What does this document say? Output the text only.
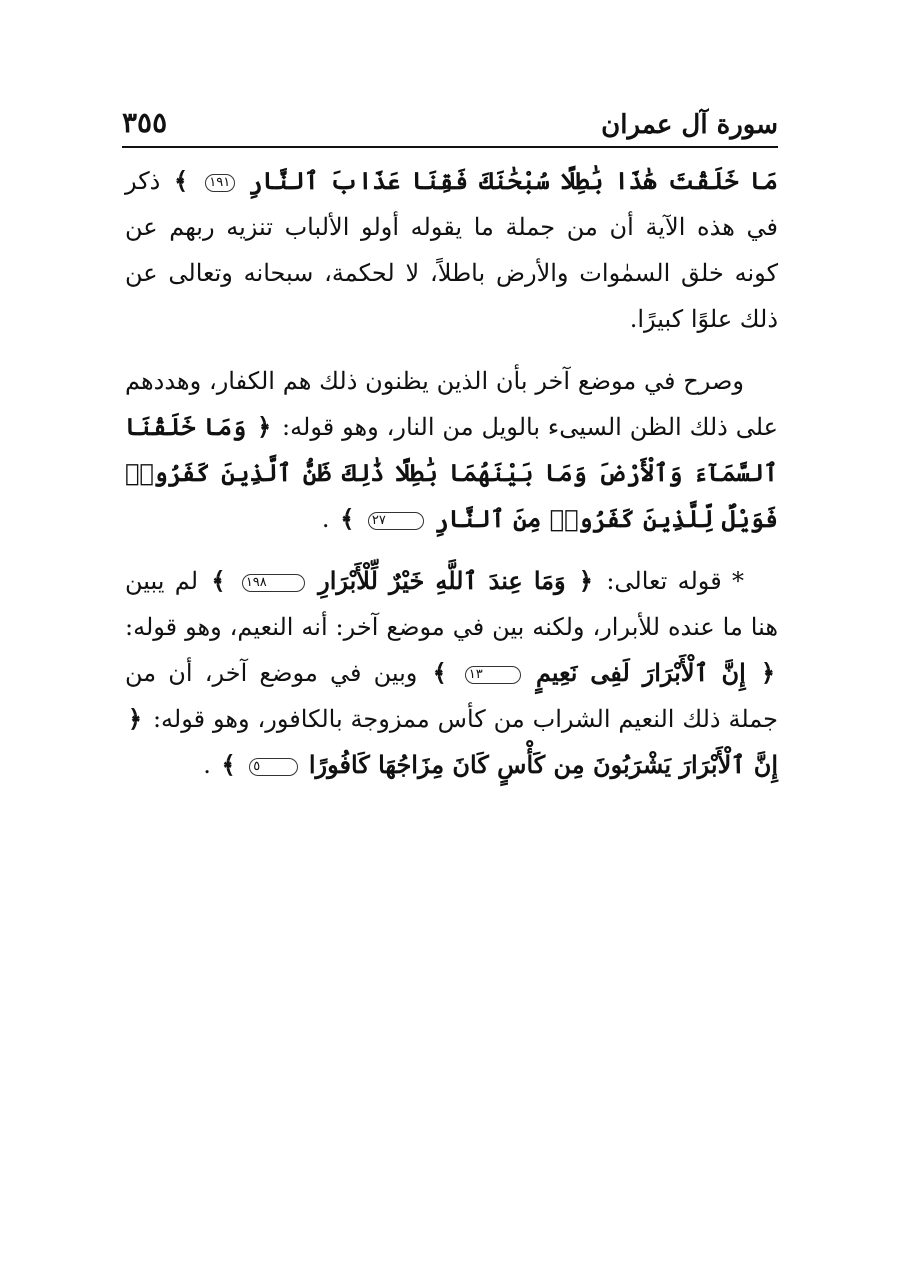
سورة آل عمران
٣٥٥

مَا خَلَقْتَ هَٰذَا بَٰطِلًا سُبْحَٰنَكَ فَقِنَا عَذَابَ ٱلنَّارِ ١٩١ ﴾ ذكر في هذه الآية أن من جملة ما يقوله أولو الألباب تنزيه ربهم عن كونه خلق السمٰوات والأرض باطلاً، لا لحكمة، سبحانه وتعالى عن ذلك علوًا كبيرًا.

وصرح في موضع آخر بأن الذين يظنون ذلك هم الكفار، وهددهم على ذلك الظن السيىء بالويل من النار، وهو قوله: ﴿ وَمَا خَلَقْنَا ٱلسَّمَآءَ وَٱلْأَرْضَ وَمَا بَيْنَهُمَا بَٰطِلًا ذَٰلِكَ ظَنُّ ٱلَّذِينَ كَفَرُوا۟ فَوَيْلٌ لِّلَّذِينَ كَفَرُوا۟ مِنَ ٱلنَّارِ ٢٧ ﴾ .

* قوله تعالى: ﴿ وَمَا عِندَ ٱللَّهِ خَيْرٌ لِّلْأَبْرَارِ ١٩٨ ﴾ لم يبين هنا ما عنده للأبرار، ولكنه بين في موضع آخر: أنه النعيم، وهو قوله: ﴿ إِنَّ ٱلْأَبْرَارَ لَفِى نَعِيمٍ ١٣ ﴾ وبين في موضع آخر، أن من جملة ذلك النعيم الشراب من كأس ممزوجة بالكافور، وهو قوله: ﴿ إِنَّ ٱلْأَبْرَارَ يَشْرَبُونَ مِن كَأْسٍ كَانَ مِزَاجُهَا كَافُورًا ٥ ﴾ .
